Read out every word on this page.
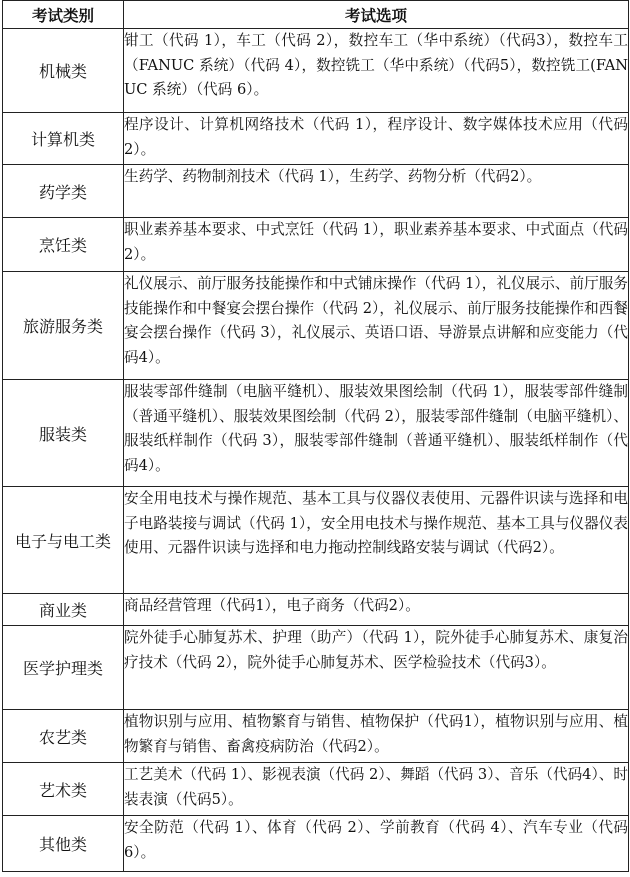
考试类别	考试选项
机械类	钳工（代码 1），车工（代码 2），数控车工（华中系统）（代码3），数控车工（FANUC 系统）（代码 4），数控铣工（华中系统）（代码5），数控铣工(FANUC 系统）（代码 6）。
计算机类	程序设计、计算机网络技术（代码 1），程序设计、数字媒体技术应用（代码2）。
药学类	生药学、药物制剂技术（代码 1），生药学、药物分析（代码2）。
烹饪类	职业素养基本要求、中式烹饪（代码 1），职业素养基本要求、中式面点（代码2）。
旅游服务类	礼仪展示、前厅服务技能操作和中式铺床操作（代码 1），礼仪展示、前厅服务技能操作和中餐宴会摆台操作（代码 2），礼仪展示、前厅服务技能操作和西餐宴会摆台操作（代码 3），礼仪展示、英语口语、导游景点讲解和应变能力（代码4）。
服装类	服装零部件缝制（电脑平缝机）、服装效果图绘制（代码 1），服装零部件缝制（普通平缝机）、服装效果图绘制（代码 2），服装零部件缝制（电脑平缝机）、服装纸样制作（代码 3），服装零部件缝制（普通平缝机）、服装纸样制作（代码4）。
电子与电工类	安全用电技术与操作规范、基本工具与仪器仪表使用、元器件识读与选择和电子电路装接与调试（代码 1），安全用电技术与操作规范、基本工具与仪器仪表使用、元器件识读与选择和电力拖动控制线路安装与调试（代码2）。
商业类	商品经营管理（代码1），电子商务（代码2）。
医学护理类	院外徒手心肺复苏术、护理（助产）（代码 1），院外徒手心肺复苏术、康复治疗技术（代码 2），院外徒手心肺复苏术、医学检验技术（代码3）。
农艺类	植物识别与应用、植物繁育与销售、植物保护（代码1），植物识别与应用、植物繁育与销售、畜禽疫病防治（代码2）。
艺术类	工艺美术（代码 1）、影视表演（代码 2）、舞蹈（代码 3）、音乐（代码4）、时装表演（代码5）。
其他类	安全防范（代码 1）、体育（代码 2）、学前教育（代码 4）、汽车专业（代码6）。
